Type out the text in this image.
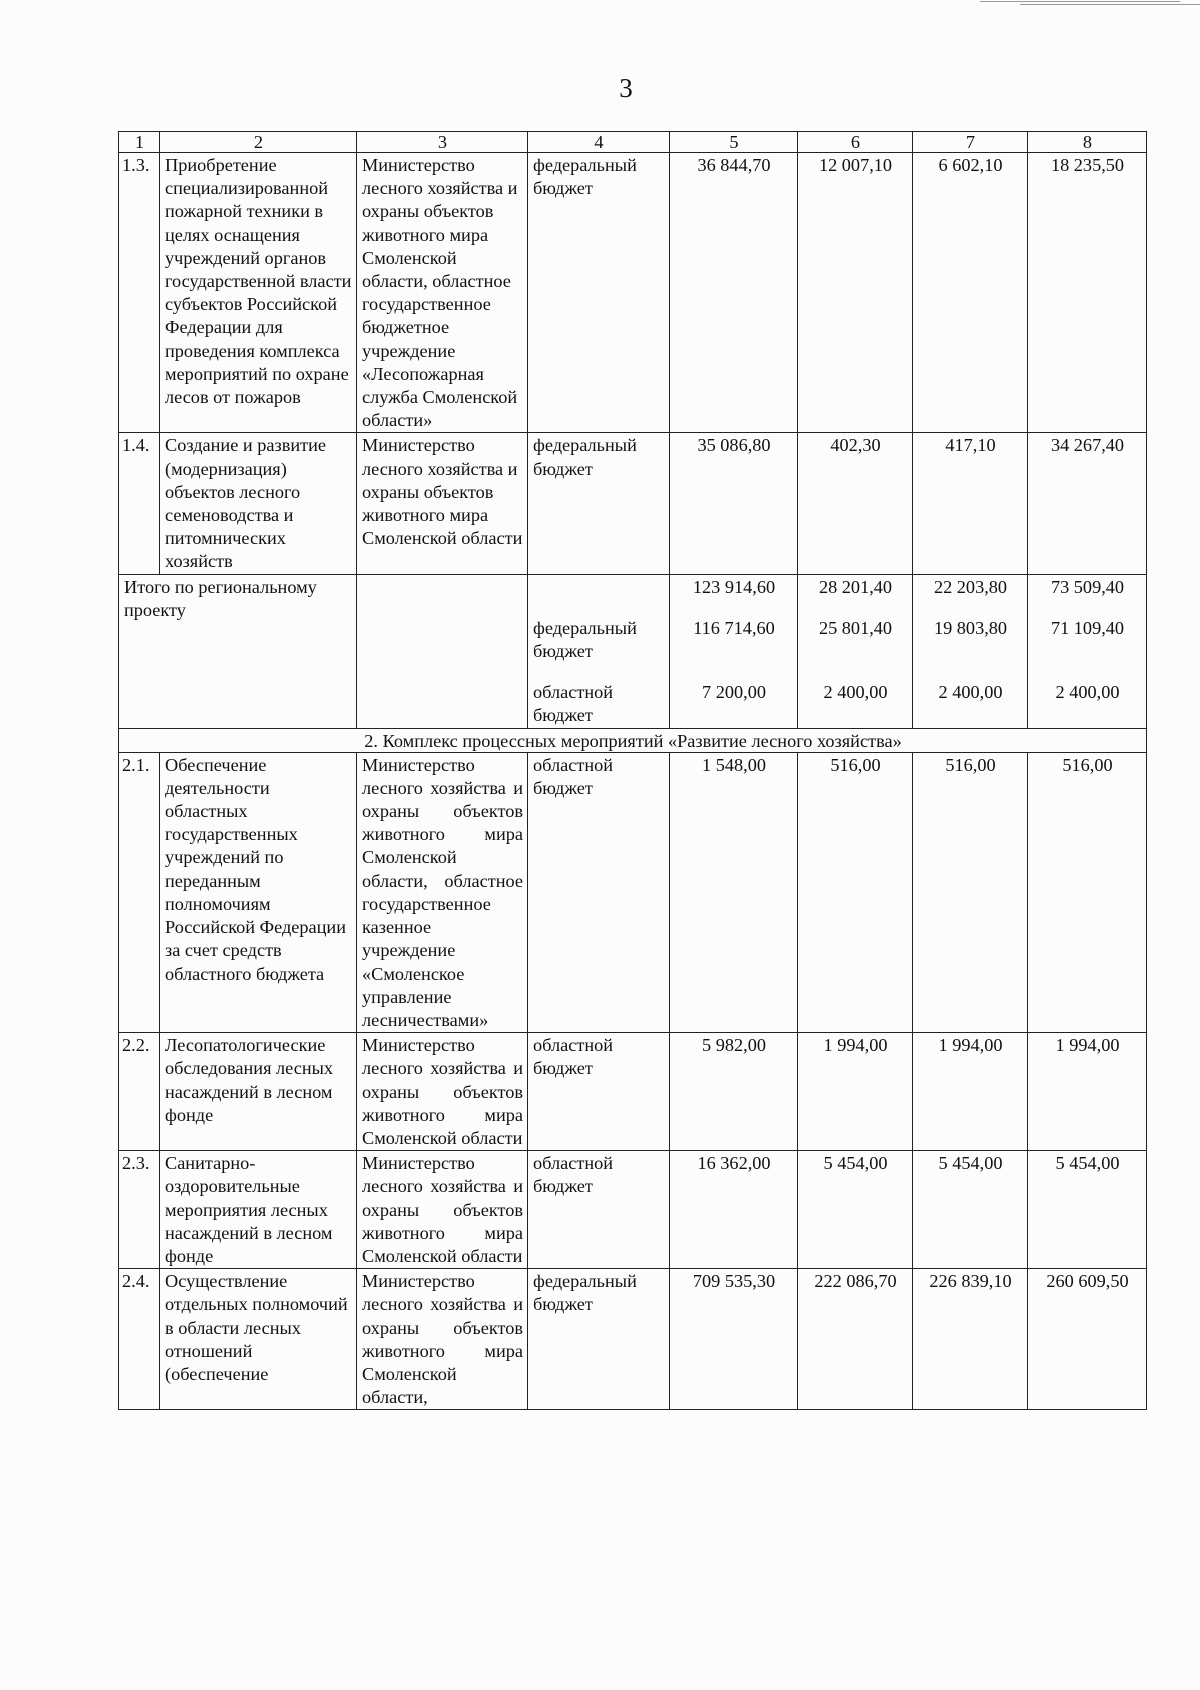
3
1	2	3	4	5	6	7	8
1.3.	Приобретение специализированной пожарной техники в целях оснащения учреждений органов государственной власти субъектов Российской Федерации для проведения комплекса мероприятий по охране лесов от пожаров	Министерство лесного хозяйства и охраны объектов животного мира Смоленской области, областное государственное бюджетное учреждение «Лесопожарная служба Смоленской области»	федеральный бюджет	36 844,70	12 007,10	6 602,10	18 235,50
1.4.	Создание и развитие (модернизация) объектов лесного семеноводства и питомнических хозяйств	Министерство лесного хозяйства и охраны объектов животного мира Смоленской области	федеральный бюджет	35 086,80	402,30	417,10	34 267,40
Итого по региональному проекту				123 914,60	28 201,40	22 203,80	73 509,40
			федеральный бюджет	116 714,60	25 801,40	19 803,80	71 109,40
			областной бюджет	7 200,00	2 400,00	2 400,00	2 400,00
2. Комплекс процессных мероприятий «Развитие лесного хозяйства»							
2.1.	Обеспечение деятельности областных государственных учреждений по переданным полномочиям Российской Федерации за счет средств областного бюджета	Министерство лесного хозяйства и охраны объектов животного мира Смоленской области, областное государственное казенное учреждение «Смоленское управление лесничествами»	областной бюджет	1 548,00	516,00	516,00	516,00
2.2.	Лесопатологические обследования лесных насаждений в лесном фонде	Министерство лесного хозяйства и охраны объектов животного мира Смоленской области	областной бюджет	5 982,00	1 994,00	1 994,00	1 994,00
2.3.	Санитарно-оздоровительные мероприятия лесных насаждений в лесном фонде	Министерство лесного хозяйства и охраны объектов животного мира Смоленской области	областной бюджет	16 362,00	5 454,00	5 454,00	5 454,00
2.4.	Осуществление отдельных полномочий в области лесных отношений (обеспечение	Министерство лесного хозяйства и охраны объектов животного мира Смоленской области,	федеральный бюджет	709 535,30	222 086,70	226 839,10	260 609,50
